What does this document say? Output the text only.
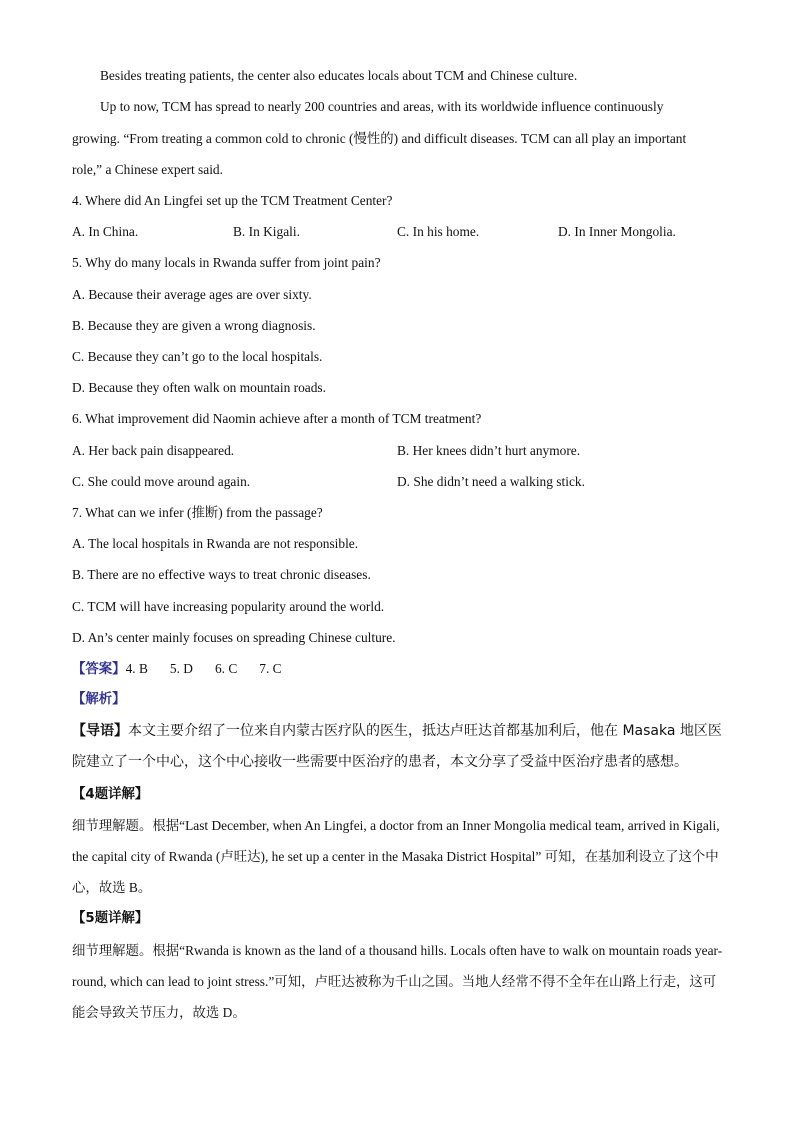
Besides treating patients, the center also educates locals about TCM and Chinese culture.
Up to now, TCM has spread to nearly 200 countries and areas, with its worldwide influence continuously
growing. “From treating a common cold to chronic (慢性的) and difficult diseases. TCM can all play an important
role,” a Chinese expert said.
4. Where did An Lingfei set up the TCM Treatment Center?
A. In China.	B. In Kigali.	C. In his home.	D. In Inner Mongolia.
5. Why do many locals in Rwanda suffer from joint pain?
A. Because their average ages are over sixty.
B. Because they are given a wrong diagnosis.
C. Because they can’t go to the local hospitals.
D. Because they often walk on mountain roads.
6. What improvement did Naomin achieve after a month of TCM treatment?
A. Her back pain disappeared.	B. Her knees didn’t hurt anymore.
C. She could move around again.	D. She didn’t need a walking stick.
7. What can we infer (推断) from the passage?
A. The local hospitals in Rwanda are not responsible.
B. There are no effective ways to treat chronic diseases.
C. TCM will have increasing popularity around the world.
D. An’s center mainly focuses on spreading Chinese culture.
【答案】4. B 5. D 6. C 7. C
【解析】
【导语】本文主要介绍了一位来自内蒙古医疗队的医生，抵达卢旺达首都基加利后，他在 Masaka 地区医院建立了一个中心，这个中心接收一些需要中医治疗的患者，本文分享了受益中医治疗患者的感想。
【4题详解】
细节理解题。根据“Last December, when An Lingfei, a doctor from an Inner Mongolia medical team, arrived in Kigali, the capital city of Rwanda (卢旺达), he set up a center in the Masaka District Hospital” 可知，在基加利设立了这个中心，故选 B。
【5题详解】
细节理解题。根据“Rwanda is known as the land of a thousand hills. Locals often have to walk on mountain roads year-round, which can lead to joint stress.”可知，卢旺达被称为千山之国。当地人经常不得不全年在山路上行走，这可能会导致关节压力，故选 D。
